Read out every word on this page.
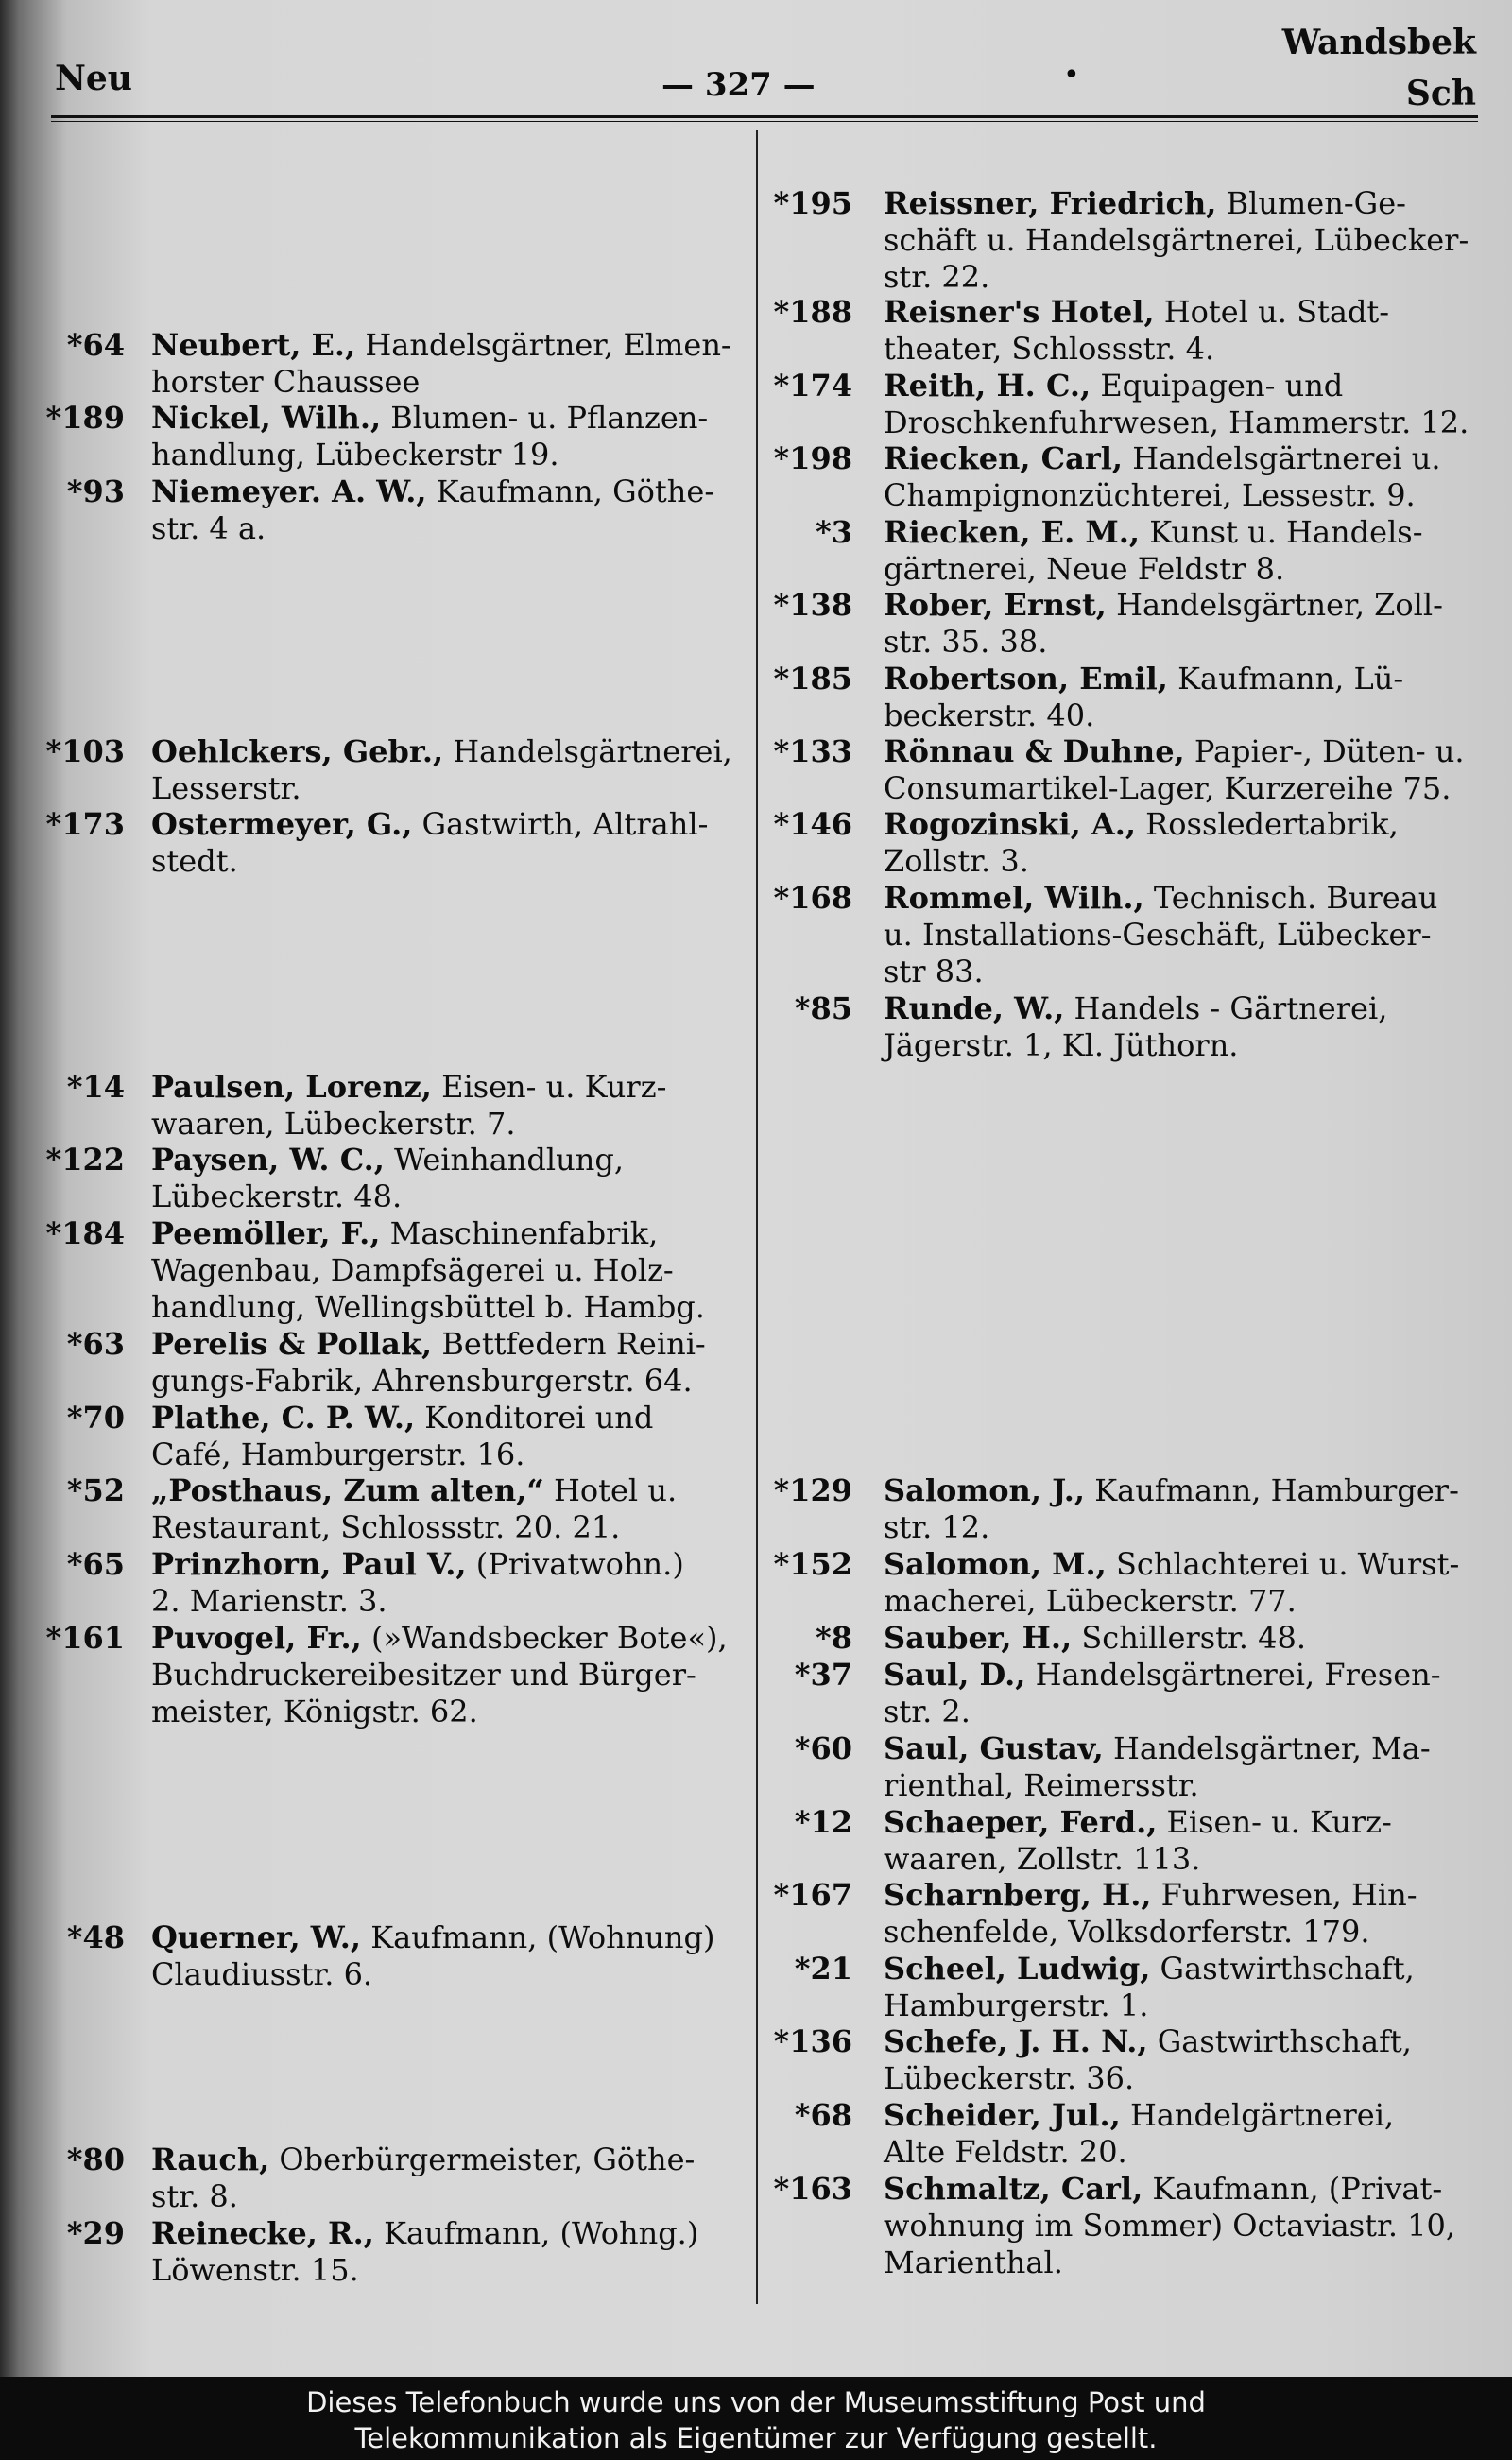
Neu	— 327 —	•
Wandsbek
Sch
*64 Neubert, E., Handelsgärtner, Elmen-
horster Chaussee
*189 Nickel, Wilh., Blumen- u. Pflanzen-
handlung, Lübeckerstr 19.
*93 Niemeyer. A. W., Kaufmann, Göthe-
str. 4 a.
*103 Oehlckers, Gebr., Handelsgärtnerei,
Lesserstr.
*173 Ostermeyer, G., Gastwirth, Altrahl-
stedt.
*14 Paulsen, Lorenz, Eisen- u. Kurz-
waaren, Lübeckerstr. 7.
*122 Paysen, W. C., Weinhandlung,
Lübeckerstr. 48.
*184 Peemöller, F., Maschinenfabrik,
Wagenbau, Dampfsägerei u. Holz-
handlung, Wellingsbüttel b. Hambg.
*63 Perelis & Pollak, Bettfedern Reini-
gungs-Fabrik, Ahrensburgerstr. 64.
*70 Plathe, C. P. W., Konditorei und
Café, Hamburgerstr. 16.
*52 „Posthaus, Zum alten,“ Hotel u.
Restaurant, Schlossstr. 20. 21.
*65 Prinzhorn, Paul V., (Privatwohn.)
2. Marienstr. 3.
*161 Puvogel, Fr., (»Wandsbecker Bote«),
Buchdruckereibesitzer und Bürger-
meister, Königstr. 62.
*48 Querner, W., Kaufmann, (Wohnung)
Claudiusstr. 6.
*80 Rauch, Oberbürgermeister, Göthe-
str. 8.
*29 Reinecke, R., Kaufmann, (Wohng.)
Löwenstr. 15.
*195 Reissner, Friedrich, Blumen-Ge-
schäft u. Handelsgärtnerei, Lübecker-
str. 22.
*188 Reisner's Hotel, Hotel u. Stadt-
theater, Schlossstr. 4.
*174 Reith, H. C., Equipagen- und
Droschkenfuhrwesen, Hammerstr. 12.
*198 Riecken, Carl, Handelsgärtnerei u.
Champignonzüchterei, Lessestr. 9.
*3 Riecken, E. M., Kunst u. Handels-
gärtnerei, Neue Feldstr 8.
*138 Rober, Ernst, Handelsgärtner, Zoll-
str. 35. 38.
*185 Robertson, Emil, Kaufmann, Lü-
beckerstr. 40.
*133 Rönnau & Duhne, Papier-, Düten- u.
Consumartikel-Lager, Kurzereihe 75.
*146 Rogozinski, A., Rossledertabrik,
Zollstr. 3.
*168 Rommel, Wilh., Technisch. Bureau
u. Installations-Geschäft, Lübecker-
str 83.
*85 Runde, W., Handels - Gärtnerei,
Jägerstr. 1, Kl. Jüthorn.
*129 Salomon, J., Kaufmann, Hamburger-
str. 12.
*152 Salomon, M., Schlachterei u. Wurst-
macherei, Lübeckerstr. 77.
*8 Sauber, H., Schillerstr. 48.
*37 Saul, D., Handelsgärtnerei, Fresen-
str. 2.
*60 Saul, Gustav, Handelsgärtner, Ma-
rienthal, Reimersstr.
*12 Schaeper, Ferd., Eisen- u. Kurz-
waaren, Zollstr. 113.
*167 Scharnberg, H., Fuhrwesen, Hin-
schenfelde, Volksdorferstr. 179.
*21 Scheel, Ludwig, Gastwirthschaft,
Hamburgerstr. 1.
*136 Schefe, J. H. N., Gastwirthschaft,
Lübeckerstr. 36.
*68 Scheider, Jul., Handelgärtnerei,
Alte Feldstr. 20.
*163 Schmaltz, Carl, Kaufmann, (Privat-
wohnung im Sommer) Octaviastr. 10,
Marienthal.
Dieses Telefonbuch wurde uns von der Museumsstiftung Post und
Telekommunikation als Eigentümer zur Verfügung gestellt.
